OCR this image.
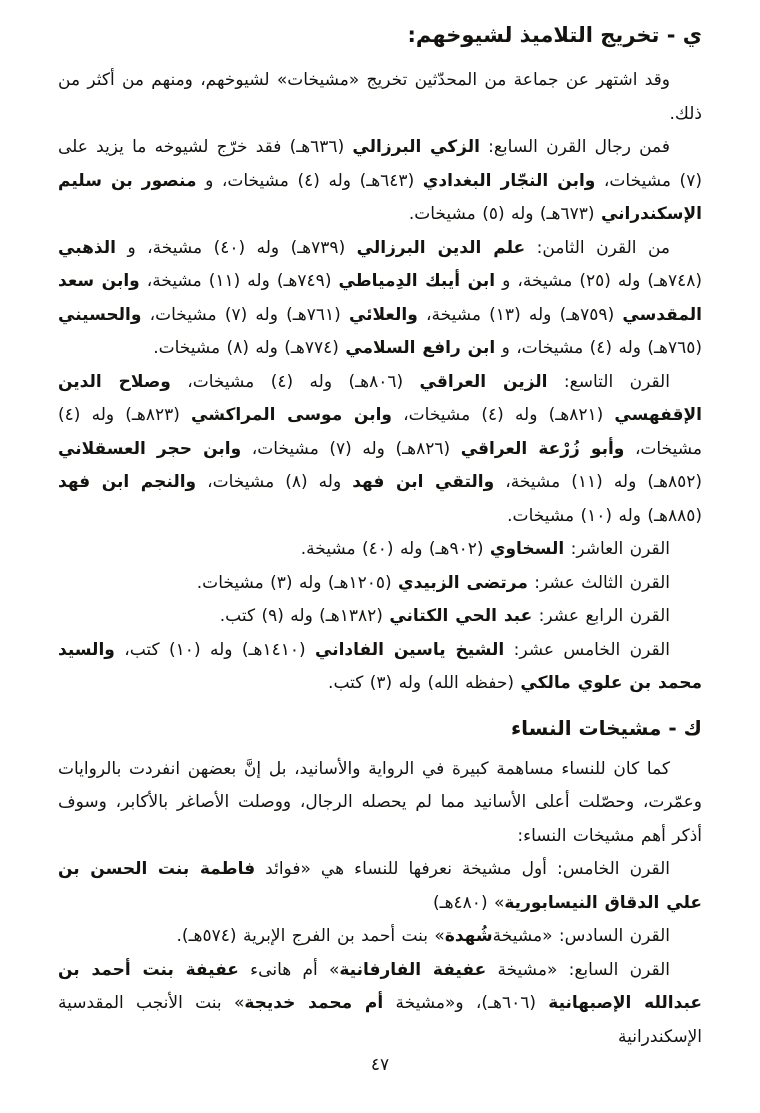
ي - تخريج التلاميذ لشيوخهم:
وقد اشتهر عن جماعة من المحدّثين تخريج «مشيخات» لشيوخهم، ومنهم من أكثر من ذلك.
فمن رجال القرن السابع: الزكي البرزالي (٦٣٦هـ) فقد خرّج لشيوخه ما يزيد على (٧) مشيخات، وابن النجّار البغدادي (٦٤٣هـ) وله (٤) مشيخات، و منصور بن سليم الإسكندراني (٦٧٣هـ) وله (٥) مشيخات.
من القرن الثامن: علم الدين البرزالي (٧٣٩هـ) وله (٤٠) مشيخة، و الذهبي (٧٤٨هـ) وله (٢٥) مشيخة، و ابن أيبك الدِمياطي (٧٤٩هـ) وله (١١) مشيخة، وابن سعد المقدسي (٧٥٩هـ) وله (١٣) مشيخة، والعلائي (٧٦١هـ) وله (٧) مشيخات، والحسيني (٧٦٥هـ) وله (٤) مشيخات، و ابن رافع السلامي (٧٧٤هـ) وله (٨) مشيخات.
القرن التاسع: الزين العراقي (٨٠٦هـ) وله (٤) مشيخات، وصلاح الدين الإقفهسي (٨٢١هـ) وله (٤) مشيخات، وابن موسى المراكشي (٨٢٣هـ) وله (٤) مشيخات، وأبو زُرْعة العراقي (٨٢٦هـ) وله (٧) مشيخات، وابن حجر العسقلاني (٨٥٢هـ) وله (١١) مشيخة، والتقي ابن فهد وله (٨) مشيخات، والنجم ابن فهد (٨٨٥هـ) وله (١٠) مشيخات.
القرن العاشر: السخاوي (٩٠٢هـ) وله (٤٠) مشيخة.
القرن الثالث عشر: مرتضى الزبيدي (١٢٠٥هـ) وله (٣) مشيخات.
القرن الرابع عشر: عبد الحي الكتاني (١٣٨٢هـ) وله (٩) كتب.
القرن الخامس عشر: الشيخ ياسين الفاداني (١٤١٠هـ) وله (١٠) كتب، والسيد محمد بن علوي مالكي (حفظه الله) وله (٣) كتب.
ك - مشيخات النساء
كما كان للنساء مساهمة كبيرة في الرواية والأسانيد، بل إنَّ بعضهن انفردت بالروايات وعمّرت، وحصّلت أعلى الأسانيد مما لم يحصله الرجال، ووصلت الأصاغر بالأكابر، وسوف أذكر أهم مشيخات النساء:
القرن الخامس: أول مشيخة نعرفها للنساء هي «فوائد فاطمة بنت الحسن بن علي الدقاق النيسابورية» (٤٨٠هـ)
القرن السادس: «مشيخةشُهدة» بنت أحمد بن الفرج الإبرية (٥٧٤هـ).
القرن السابع: «مشيخة عفيفة الفارفانية» أم هانىء عفيفة بنت أحمد بن عبدالله الإصبهانية (٦٠٦هـ)، و«مشيخة أم محمد خديجة» بنت الأنجب المقدسية الإسكندرانية
٤٧
